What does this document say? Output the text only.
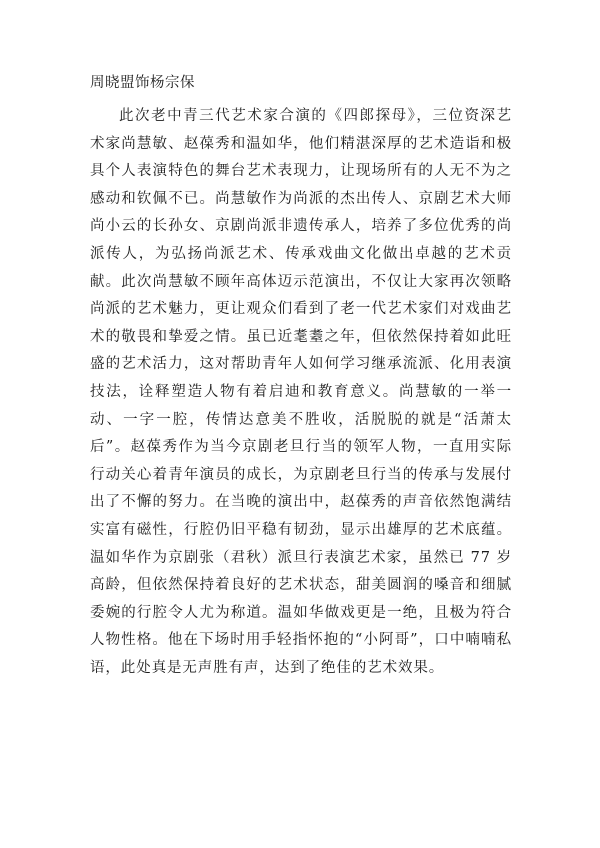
周晓盟饰杨宗保

此次老中青三代艺术家合演的《四郎探母》，三位资深艺术家尚慧敏、赵葆秀和温如华，他们精湛深厚的艺术造诣和极具个人表演特色的舞台艺术表现力，让现场所有的人无不为之感动和钦佩不已。尚慧敏作为尚派的杰出传人、京剧艺术大师尚小云的长孙女、京剧尚派非遗传承人，培养了多位优秀的尚派传人，为弘扬尚派艺术、传承戏曲文化做出卓越的艺术贡献。此次尚慧敏不顾年高体迈示范演出，不仅让大家再次领略尚派的艺术魅力，更让观众们看到了老一代艺术家们对戏曲艺术的敬畏和挚爱之情。虽已近耄耋之年，但依然保持着如此旺盛的艺术活力，这对帮助青年人如何学习继承流派、化用表演技法，诠释塑造人物有着启迪和教育意义。尚慧敏的一举一动、一字一腔，传情达意美不胜收，活脱脱的就是“活萧太后”。赵葆秀作为当今京剧老旦行当的领军人物，一直用实际行动关心着青年演员的成长，为京剧老旦行当的传承与发展付出了不懈的努力。在当晚的演出中，赵葆秀的声音依然饱满结实富有磁性，行腔仍旧平稳有韧劲，显示出雄厚的艺术底蕴。温如华作为京剧张（君秋）派旦行表演艺术家，虽然已 77 岁高龄，但依然保持着良好的艺术状态，甜美圆润的嗓音和细腻委婉的行腔令人尤为称道。温如华做戏更是一绝，且极为符合人物性格。他在下场时用手轻指怀抱的“小阿哥”，口中喃喃私语，此处真是无声胜有声，达到了绝佳的艺术效果。
